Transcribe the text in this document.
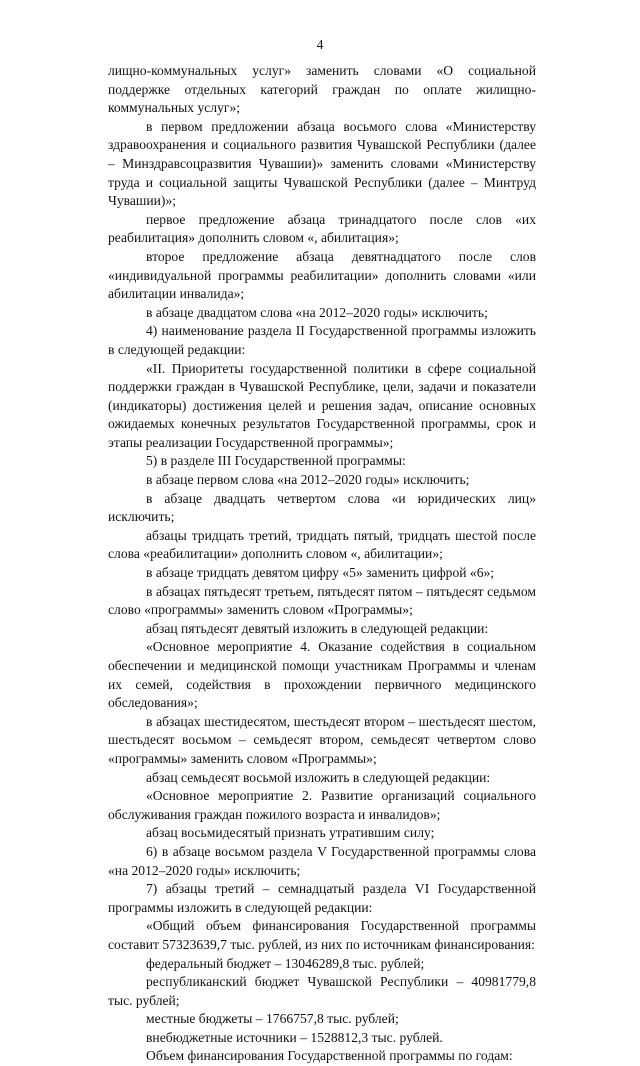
4

лищно-коммунальных услуг» заменить словами «О социальной поддержке отдельных категорий граждан по оплате жилищно-коммунальных услуг»;

в первом предложении абзаца восьмого слова «Министерству здравоохранения и социального развития Чувашской Республики (далее – Минздравсоцразвития Чувашии)» заменить словами «Министерству труда и социальной защиты Чувашской Республики (далее – Минтруд Чувашии)»;

первое предложение абзаца тринадцатого после слов «их реабилитация» дополнить словом «, абилитация»;

второе предложение абзаца девятнадцатого после слов «индивидуальной программы реабилитации» дополнить словами «или абилитации инвалида»;

в абзаце двадцатом слова «на 2012–2020 годы» исключить;

4) наименование раздела II Государственной программы изложить в следующей редакции:

«II. Приоритеты государственной политики в сфере социальной поддержки граждан в Чувашской Республике, цели, задачи и показатели (индикаторы) достижения целей и решения задач, описание основных ожидаемых конечных результатов Государственной программы, срок и этапы реализации Государственной программы»;

5) в разделе III Государственной программы:

в абзаце первом слова «на 2012–2020 годы» исключить;

в абзаце двадцать четвертом слова «и юридических лиц» исключить;

абзацы тридцать третий, тридцать пятый, тридцать шестой после слова «реабилитации» дополнить словом «, абилитации»;

в абзаце тридцать девятом цифру «5» заменить цифрой «6»;

в абзацах пятьдесят третьем, пятьдесят пятом – пятьдесят седьмом слово «программы» заменить словом «Программы»;

абзац пятьдесят девятый изложить в следующей редакции:

«Основное мероприятие 4. Оказание содействия в социальном обеспечении и медицинской помощи участникам Программы и членам их семей, содействия в прохождении первичного медицинского обследования»;

в абзацах шестидесятом, шестьдесят втором – шестьдесят шестом, шестьдесят восьмом – семьдесят втором, семьдесят четвертом слово «программы» заменить словом «Программы»;

абзац семьдесят восьмой изложить в следующей редакции:

«Основное мероприятие 2. Развитие организаций социального обслуживания граждан пожилого возраста и инвалидов»;

абзац восьмидесятый признать утратившим силу;

6) в абзаце восьмом раздела V Государственной программы слова «на 2012–2020 годы» исключить;

7) абзацы третий – семнадцатый раздела VI Государственной программы изложить в следующей редакции:

«Общий объем финансирования Государственной программы составит 57323639,7 тыс. рублей, из них по источникам финансирования:

федеральный бюджет – 13046289,8 тыс. рублей;

республиканский бюджет Чувашской Республики – 40981779,8 тыс. рублей;

местные бюджеты – 1766757,8 тыс. рублей;

внебюджетные источники – 1528812,3 тыс. рублей.

Объем финансирования Государственной программы по годам:
